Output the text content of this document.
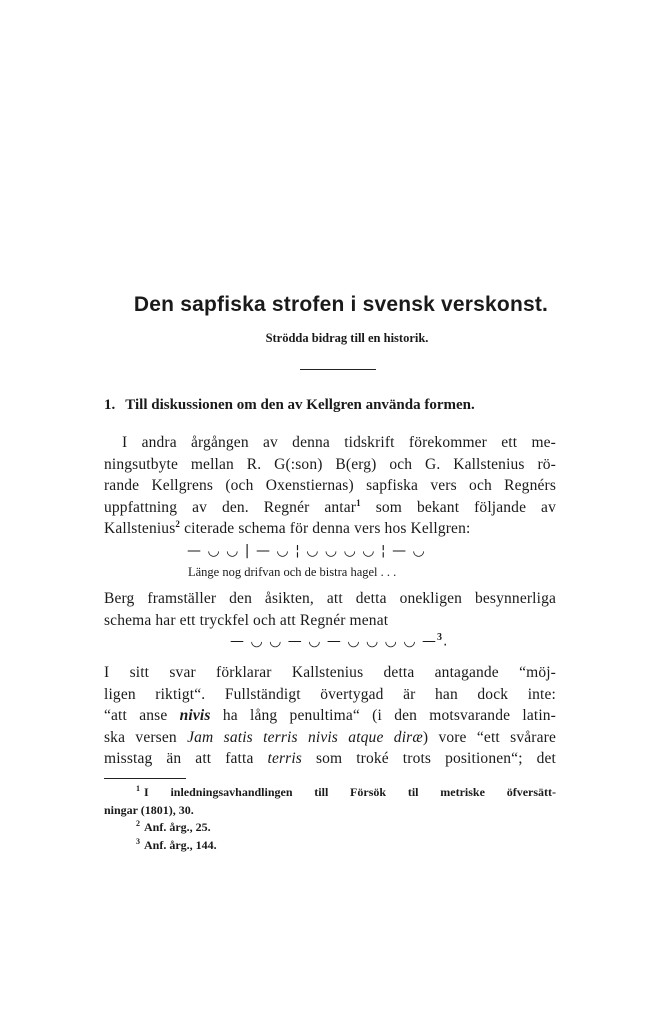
Den sapfiska strofen i svensk verskonst.

Strödda bidrag till en historik.

1. Till diskussionen om den av Kellgren använda formen.
I andra årgången av denna tidskrift förekommer ett me-
ningsutbyte mellan R. G(:son) B(erg) och G. Kallstenius rö-
rande Kellgrens (och Oxenstiernas) sapfiska vers och Regnérs
uppfattning av den. Regnér antar$^1$ som bekant följande av
Kallstenius$^2$ citerade schema för denna vers hos Kellgren:
— ◡ ◡ | — ◡ ¦ ◡ ◡ ◡ ◡ ¦ — ◡

Länge nog drifvan och de bistra hagel . . .

Berg framställer den åsikten, att detta onekligen besynnerliga
schema har ett tryckfel och att Regnér menat
— ◡ ◡ — ◡ — ◡ ◡ ◡ ◡ —$^3$.
I sitt svar förklarar Kallstenius detta antagande “möj-
ligen riktigt“. Fullständigt övertygad är han dock inte:
“att anse nivis ha lång penultima“ (i den motsvarande latin-
ska versen Jam satis terris nivis atque diræ) vore “ett svårare
misstag än att fatta terris som troké trots positionen“; det
$^1$ I inledningsavhandlingen till Försök til metriske öfversätt-
ningar (1801), 30.
$^2$ Anf. årg., 25.
$^3$ Anf. årg., 144.
